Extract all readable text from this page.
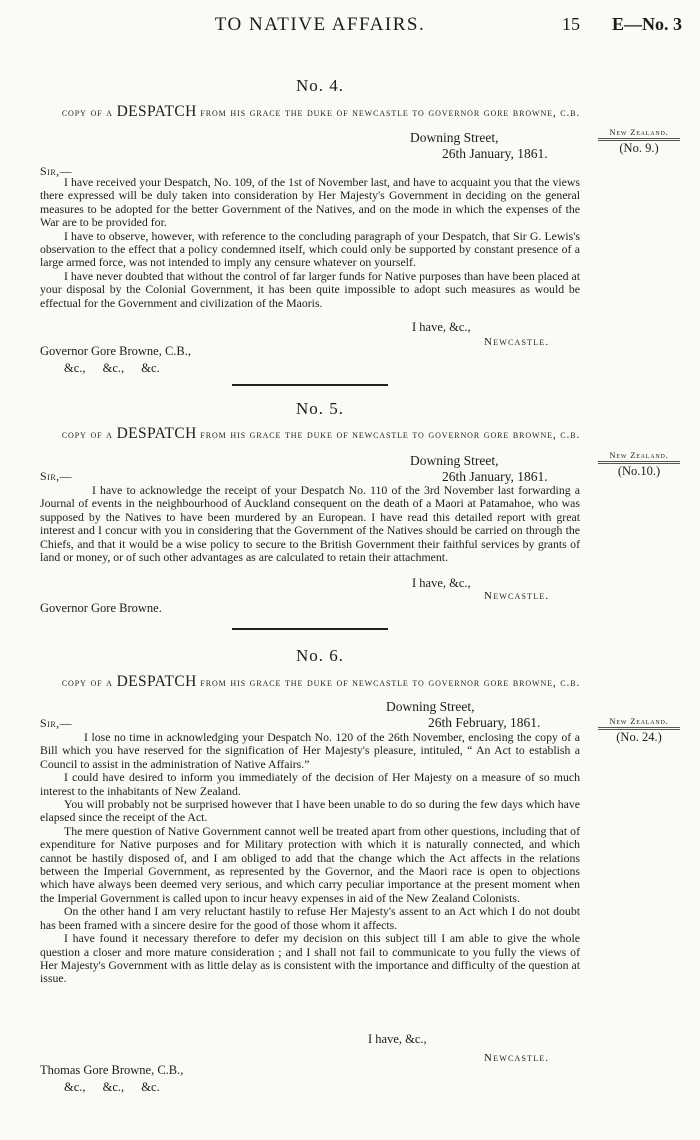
TO NATIVE AFFAIRS.	15 E—No. 3
No. 4.
copy of a DESPATCH from his grace the duke of newcastle to governor gore browne, c.b.
Downing Street,
26th January, 1861.
Sir,—

I have received your Despatch, No. 109, of the 1st of November last, and have to acquaint you that the views there expressed will be duly taken into consideration by Her Majesty's Government in deciding on the general measures to be adopted for the better Government of the Natives, and on the mode in which the expenses of the War are to be provided for.

I have to observe, however, with reference to the concluding paragraph of your Despatch, that Sir G. Lewis's observation to the effect that a policy condemned itself, which could only be supported by constant presence of a large armed force, was not intended to imply any censure whatever on yourself.

I have never doubted that without the control of far larger funds for Native purposes than have been placed at your disposal by the Colonial Government, it has been quite impossible to adopt such measures as would be effectual for the Government and civilization of the Maoris.

I have, &c.,
Newcastle.
Governor Gore Browne, C.B.,
&c., &c., &c.
New Zealand.
(No. 9.)
No. 5.
copy of a DESPATCH from his grace the duke of newcastle to governor gore browne, c.b.
Downing Street,
Sir,—	26th January, 1861.

I have to acknowledge the receipt of your Despatch No. 110 of the 3rd November last forwarding a Journal of events in the neighbourhood of Auckland consequent on the death of a Maori at Patamahoe, who was supposed by the Natives to have been murdered by an European. I have read this detailed report with great interest and I concur with you in considering that the Government of the Natives should be carried on through the Chiefs, and that it would be a wise policy to secure to the British Government their faithful services by grants of land or money, or of such other advantages as are calculated to retain their attachment.

I have, &c.,
Newcastle.
Governor Gore Browne.
New Zealand.
(No.10.)
No. 6.
copy of a DESPATCH from his grace the duke of newcastle to governor gore browne, c.b.
Downing Street,
Sir,—	26th February, 1861.

I lose no time in acknowledging your Despatch No. 120 of the 26th November, enclosing the copy of a Bill which you have reserved for the signification of Her Majesty's pleasure, intituled, “ An Act to establish a Council to assist in the administration of Native Affairs.”

I could have desired to inform you immediately of the decision of Her Majesty on a measure of so much interest to the inhabitants of New Zealand.

You will probably not be surprised however that I have been unable to do so during the few days which have elapsed since the receipt of the Act.

The mere question of Native Government cannot well be treated apart from other questions, including that of expenditure for Native purposes and for Military protection with which it is naturally connected, and which cannot be hastily disposed of, and I am obliged to add that the change which the Act affects in the relations between the Imperial Government, as represented by the Governor, and the Maori race is open to objections which have always been deemed very serious, and which carry peculiar importance at the present moment when the Imperial Government is called upon to incur heavy expenses in aid of the New Zealand Colonists.

On the other hand I am very reluctant hastily to refuse Her Majesty's assent to an Act which I do not doubt has been framed with a sincere desire for the good of those whom it affects.

I have found it necessary therefore to defer my decision on this subject till I am able to give the whole question a closer and more mature consideration ; and I shall not fail to communicate to you fully the views of Her Majesty's Government with as little delay as is consistent with the importance and difficulty of the question at issue.

I have, &c.,
Newcastle.
Thomas Gore Browne, C.B.,
&c., &c., &c.
New Zealand.
(No. 24.)
